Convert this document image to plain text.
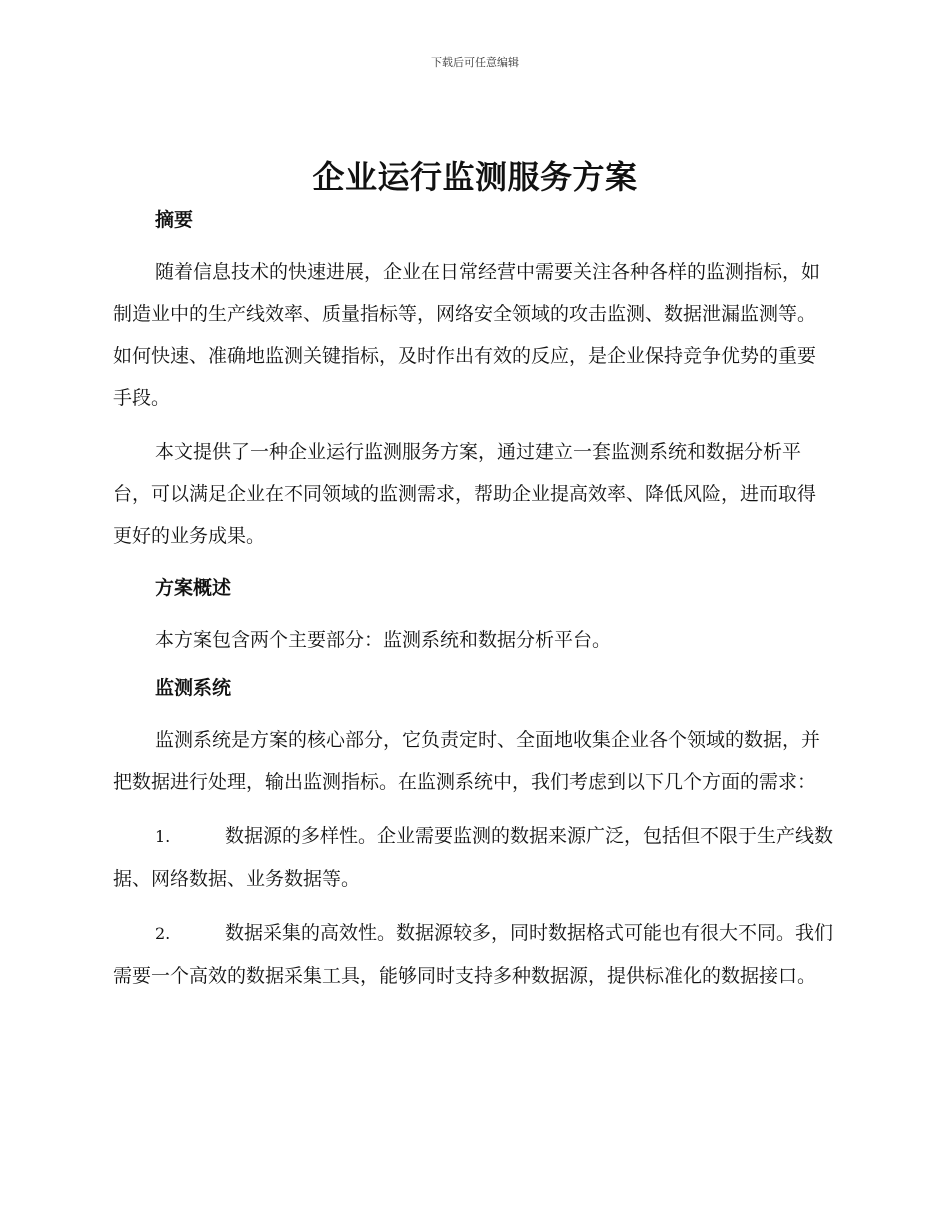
下载后可任意编辑
企业运行监测服务方案
摘要

随着信息技术的快速进展，企业在日常经营中需要关注各种各样的监测指标，如制造业中的生产线效率、质量指标等，网络安全领域的攻击监测、数据泄漏监测等。如何快速、准确地监测关键指标，及时作出有效的反应，是企业保持竞争优势的重要手段。

本文提供了一种企业运行监测服务方案，通过建立一套监测系统和数据分析平台，可以满足企业在不同领域的监测需求，帮助企业提高效率、降低风险，进而取得更好的业务成果。

方案概述

本方案包含两个主要部分：监测系统和数据分析平台。

监测系统

监测系统是方案的核心部分，它负责定时、全面地收集企业各个领域的数据，并把数据进行处理，输出监测指标。在监测系统中，我们考虑到以下几个方面的需求：

1.	数据源的多样性。企业需要监测的数据来源广泛，包括但不限于生产线数据、网络数据、业务数据等。
2.	数据采集的高效性。数据源较多，同时数据格式可能也有很大不同。我们需要一个高效的数据采集工具，能够同时支持多种数据源，提供标准化的数据接口。
